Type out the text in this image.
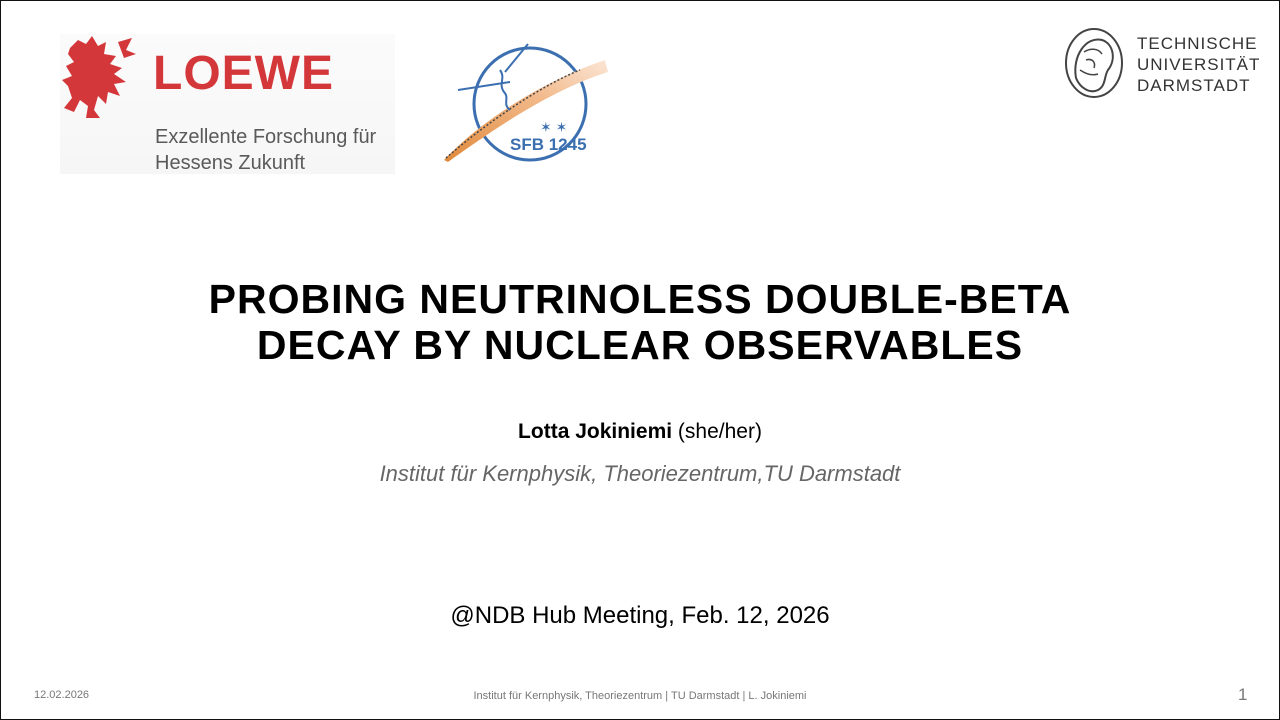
LOEWE
Exzellente Forschung für
Hessens Zukunft
✶ ✶
SFB 1245
TECHNISCHE
UNIVERSITÄT
DARMSTADT
PROBING NEUTRINOLESS DOUBLE-BETA
DECAY BY NUCLEAR OBSERVABLES
Lotta Jokiniemi (she/her)
Institut für Kernphysik, Theoriezentrum,TU Darmstadt
@NDB Hub Meeting, Feb. 12, 2026
12.02.2026	Institut für Kernphysik, Theoriezentrum | TU Darmstadt | L. Jokiniemi	1
